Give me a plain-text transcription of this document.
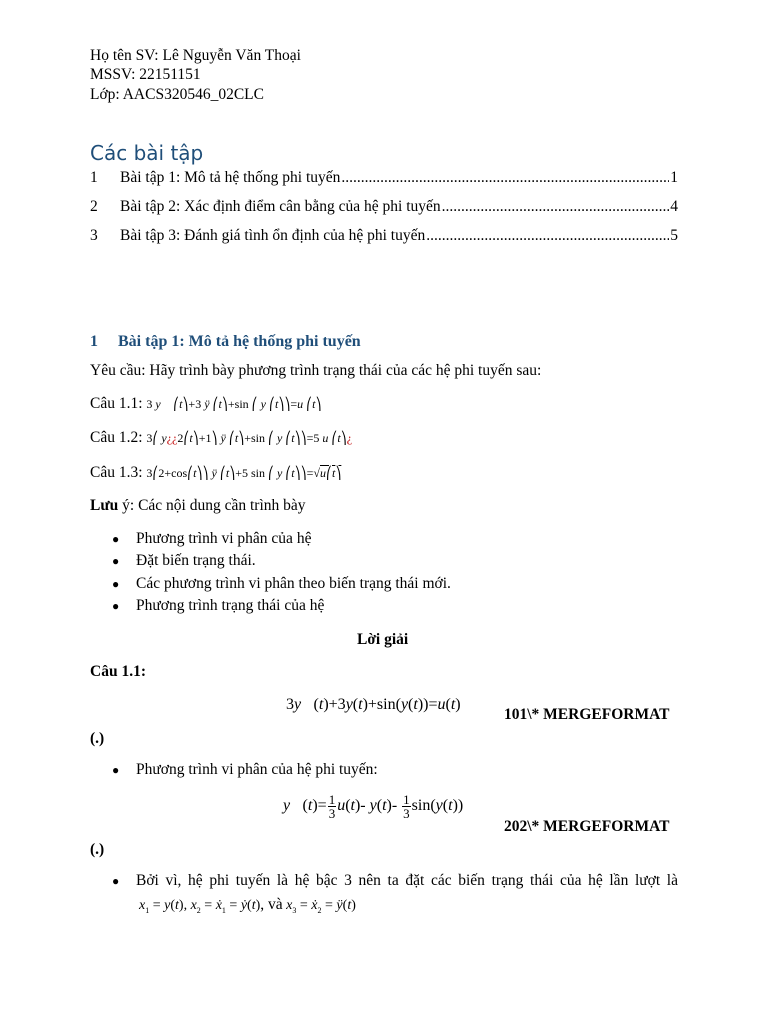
Họ tên SV: Lê Nguyễn Văn Thoại
MSSV: 22151151
Lớp: AACS320546_02CLC
Các bài tập
1	Bài tập 1: Mô tả hệ thống phi tuyến .....	1
2	Bài tập 2: Xác định điểm cân bằng của hệ phi tuyến .....	4
3	Bài tập 3: Đánh giá tình ổn định của hệ phi tuyến .....	5
1 Bài tập 1: Mô tả hệ thống phi tuyến
Yêu cầu: Hãy trình bày phương trình trạng thái của các hệ phi tuyến sau:
Câu 1.1: 3 y⃛ ⎛t⎞+3 ÿ ⎛t⎞+sin ⎛ y ⎛t⎞⎞=u ⎛t⎞
Câu 1.2: 3⎛ y¿¿2⎛t⎞+1⎞ ÿ ⎛t⎞+sin ⎛ y ⎛t⎞⎞=5 u ⎛t⎞¿
Câu 1.3: 3⎛2+cos⎛t⎞⎞ ÿ ⎛t⎞+5 sin ⎛ y ⎛t⎞⎞=√u⎛t⎞
Lưu ý: Các nội dung cần trình bày
● Phương trình vi phân của hệ
● Đặt biến trạng thái.
● Các phương trình vi phân theo biến trạng thái mới.
● Phương trình trạng thái của hệ
Lời giải
Câu 1.1:
3y⃛(t)+3y(t)+sin(y(t))=u(t)
101\* MERGEFORMAT
(.)
● Phương trình vi phân của hệ phi tuyến:
y⃛(t)= $\frac{1}{3} u(t)-$ $y(t)- \frac{1}{3} \sin(y(t))$
202\* MERGEFORMAT
(.)
● Bởi vì, hệ phi tuyến là hệ bậc 3 nên ta đặt các biến trạng thái của hệ lần lượt là
$x_1 = y(t)$, $x_2$ = ẋ$_1$ = ẏ(t), và $x_3$ = ẋ$_2$ = ÿ(t)
